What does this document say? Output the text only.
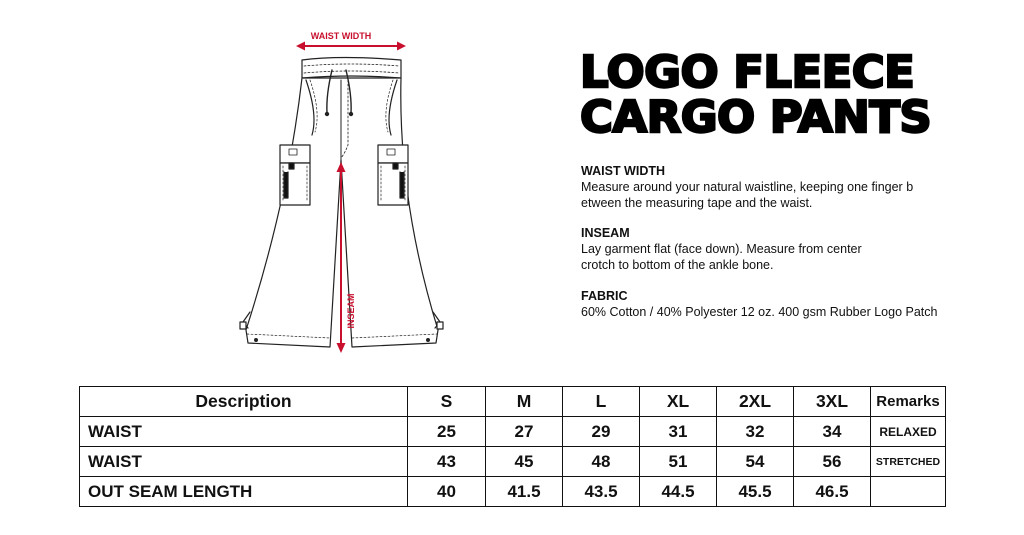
WAIST WIDTH
INSEAM
LOGO FLEECE
CARGO PANTS
WAIST WIDTH

Measure around your natural waistline, keeping one finger b
etween the measuring tape and the waist.

INSEAM

Lay garment flat (face down). Measure from center
crotch to bottom of the ankle bone.

FABRIC

60% Cotton / 40% Polyester 12 oz. 400 gsm Rubber Logo Patch

Description	S	M	L	XL	2XL	3XL	Remarks
WAIST	25	27	29	31	32	34	RELAXED
WAIST	43	45	48	51	54	56	STRETCHED
OUT SEAM LENGTH	40	41.5	43.5	44.5	45.5	46.5	
